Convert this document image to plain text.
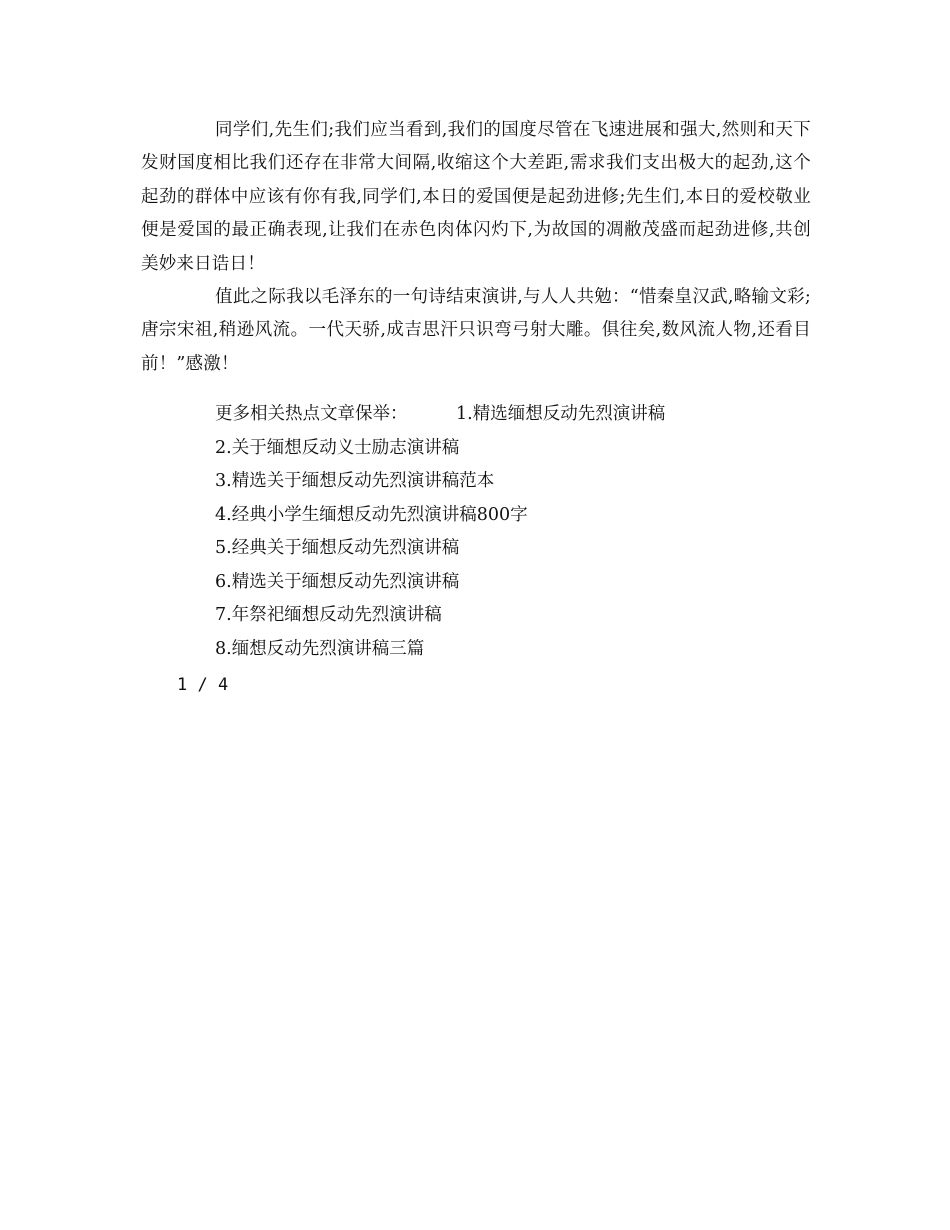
同学们,先生们;我们应当看到,我们的国度尽管在飞速进展和强大,然则和天下发财国度相比我们还存在非常大间隔,收缩这个大差距,需求我们支出极大的起劲,这个起劲的群体中应该有你有我,同学们,本日的爱国便是起劲进修;先生们,本日的爱校敬业便是爱国的最正确表现,让我们在赤色肉体闪灼下,为故国的凋敝茂盛而起劲进修,共创美妙来日诰日！

值此之际我以毛泽东的一句诗结束演讲,与人人共勉：“惜秦皇汉武,略输文彩;唐宗宋祖,稍逊风流。一代天骄,成吉思汗只识弯弓射大雕。俱往矣,数风流人物,还看目前！”感激！

更多相关热点文章保举：	1.精选缅想反动先烈演讲稿
2.关于缅想反动义士励志演讲稿
3.精选关于缅想反动先烈演讲稿范本
4.经典小学生缅想反动先烈演讲稿800字
5.经典关于缅想反动先烈演讲稿
6.精选关于缅想反动先烈演讲稿
7.年祭祀缅想反动先烈演讲稿
8.缅想反动先烈演讲稿三篇
1 / 4
